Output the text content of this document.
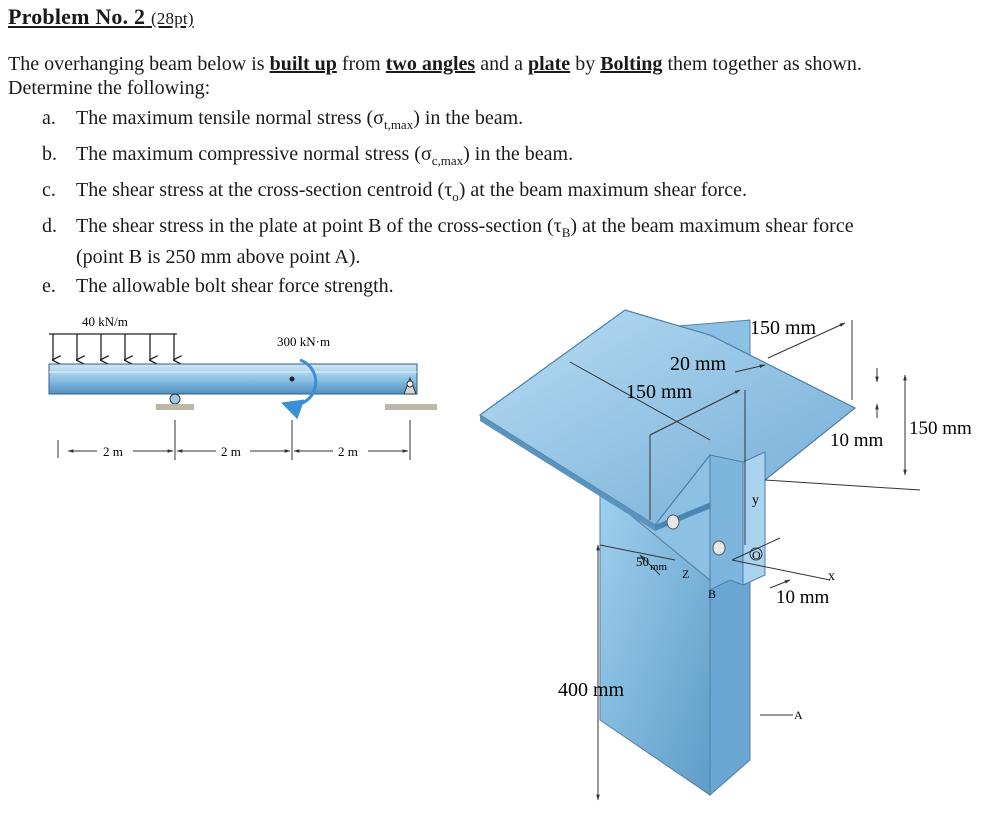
Problem No. 2 (28pt)
The overhanging beam below is built up from two angles and a plate by Bolting them together as shown. Determine the following:
a. The maximum tensile normal stress $(\sigma_{t,max})$ in the beam.
b. The maximum compressive normal stress $(\sigma_{c,max})$ in the beam.
c. The shear stress at the cross-section centroid $(\tau_o)$ at the beam maximum shear force.
d. The shear stress in the plate at point B of the cross-section $(\tau_B)$ at the beam maximum shear force (point B is 250 mm above point A).
e. The allowable bolt shear force strength.
40 kN/m
300 kN·m
2 m	2 m	2 m
150 mm
20 mm
150 mm
10 mm
150 mm
y
50 mm Z
B
O
x
10 mm
400 mm
A
